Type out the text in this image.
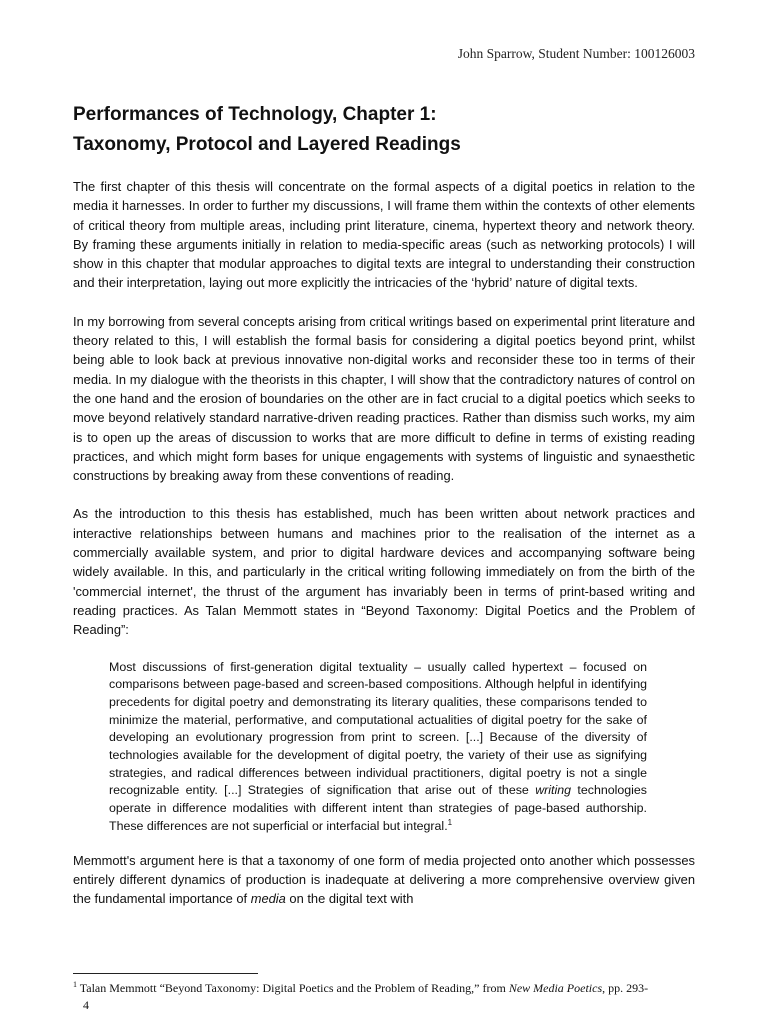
John Sparrow, Student Number: 100126003
Performances of Technology, Chapter 1:
Taxonomy, Protocol and Layered Readings

The first chapter of this thesis will concentrate on the formal aspects of a digital poetics in relation to the media it harnesses. In order to further my discussions, I will frame them within the contexts of other elements of critical theory from multiple areas, including print literature, cinema, hypertext theory and network theory. By framing these arguments initially in relation to media-specific areas (such as networking protocols) I will show in this chapter that modular approaches to digital texts are integral to understanding their construction and their interpretation, laying out more explicitly the intricacies of the ‘hybrid’ nature of digital texts.

In my borrowing from several concepts arising from critical writings based on experimental print literature and theory related to this, I will establish the formal basis for considering a digital poetics beyond print, whilst being able to look back at previous innovative non-digital works and reconsider these too in terms of their media. In my dialogue with the theorists in this chapter, I will show that the contradictory natures of control on the one hand and the erosion of boundaries on the other are in fact crucial to a digital poetics which seeks to move beyond relatively standard narrative-driven reading practices. Rather than dismiss such works, my aim is to open up the areas of discussion to works that are more difficult to define in terms of existing reading practices, and which might form bases for unique engagements with systems of linguistic and synaesthetic constructions by breaking away from these conventions of reading.

As the introduction to this thesis has established, much has been written about network practices and interactive relationships between humans and machines prior to the realisation of the internet as a commercially available system, and prior to digital hardware devices and accompanying software being widely available. In this, and particularly in the critical writing following immediately on from the birth of the 'commercial internet', the thrust of the argument has invariably been in terms of print-based writing and reading practices. As Talan Memmott states in “Beyond Taxonomy: Digital Poetics and the Problem of Reading”:

Most discussions of first-generation digital textuality – usually called hypertext – focused on comparisons between page-based and screen-based compositions. Although helpful in identifying precedents for digital poetry and demonstrating its literary qualities, these comparisons tended to minimize the material, performative, and computational actualities of digital poetry for the sake of developing an evolutionary progression from print to screen. [...] Because of the diversity of technologies available for the development of digital poetry, the variety of their use as signifying strategies, and radical differences between individual practitioners, digital poetry is not a single recognizable entity. [...] Strategies of signification that arise out of these writing technologies operate in difference modalities with different intent than strategies of page-based authorship. These differences are not superficial or interfacial but integral.$^1$

Memmott's argument here is that a taxonomy of one form of media projected onto another which possesses entirely different dynamics of production is inadequate at delivering a more comprehensive overview given the fundamental importance of media on the digital text with

$^1$ Talan Memmott “Beyond Taxonomy: Digital Poetics and the Problem of Reading,” from New Media Poetics, pp. 293-
4
